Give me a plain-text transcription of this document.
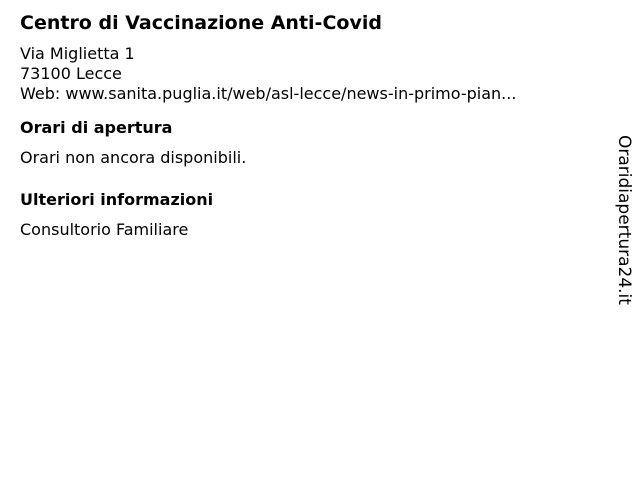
Centro di Vaccinazione Anti-Covid
Via Miglietta 1
73100 Lecce
Web: www.sanita.puglia.it/web/asl-lecce/news-in-primo-pian...
Orari di apertura

Orari non ancora disponibili.

Ulteriori informazioni

Consultorio Familiare	Oraridiapertura24.it
